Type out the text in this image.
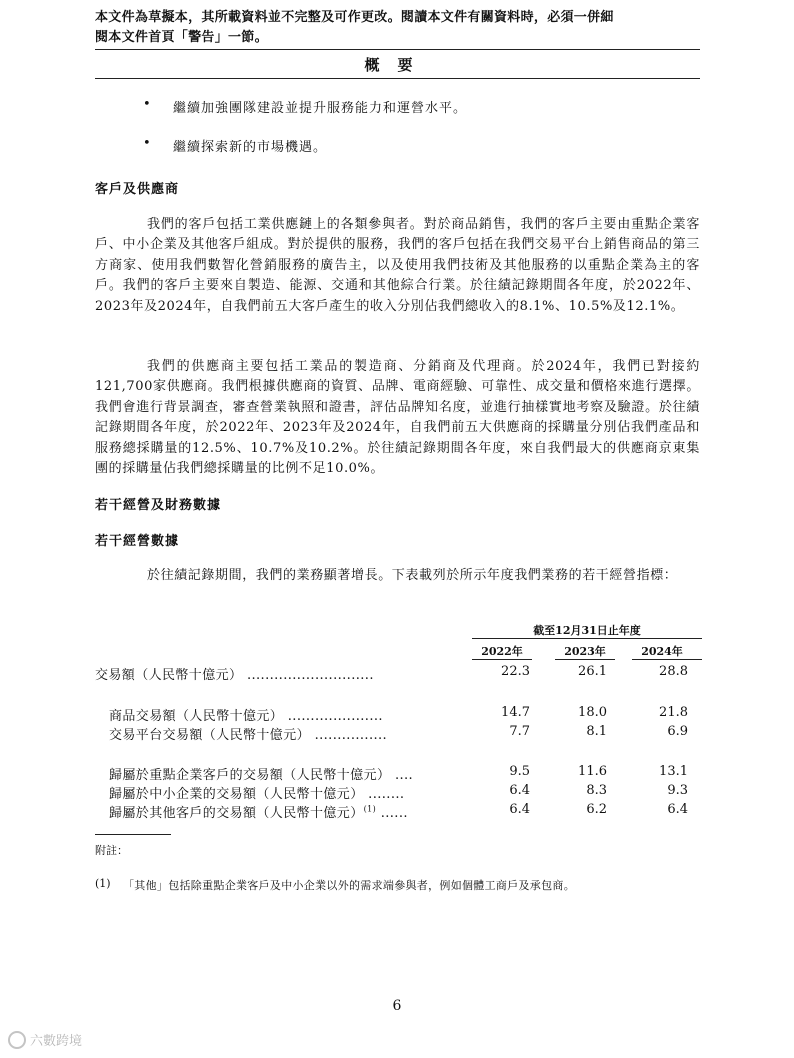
本文件為草擬本，其所載資料並不完整及可作更改。閱讀本文件有關資料時，必須一併細
閱本文件首頁「警告」一節。
概要
• 繼續加強團隊建設並提升服務能力和運營水平。
• 繼續探索新的市場機遇。
客戶及供應商
我們的客戶包括工業供應鏈上的各類參與者。對於商品銷售，我們的客戶主要由重點企業客戶、中小企業及其他客戶組成。對於提供的服務，我們的客戶包括在我們交易平台上銷售商品的第三方商家、使用我們數智化營銷服務的廣告主，以及使用我們技術及其他服務的以重點企業為主的客戶。我們的客戶主要來自製造、能源、交通和其他綜合行業。於往績記錄期間各年度，於2022年、2023年及2024年，自我們前五大客戶產生的收入分別佔我們總收入的8.1%、10.5%及12.1%。
我們的供應商主要包括工業品的製造商、分銷商及代理商。於2024年，我們已對接約121,700家供應商。我們根據供應商的資質、品牌、電商經驗、可靠性、成交量和價格來進行選擇。我們會進行背景調查，審查營業執照和證書，評估品牌知名度，並進行抽樣實地考察及驗證。於往績記錄期間各年度，於2022年、2023年及2024年，自我們前五大供應商的採購量分別佔我們產品和服務總採購量的12.5%、10.7%及10.2%。於往績記錄期間各年度，來自我們最大的供應商京東集團的採購量佔我們總採購量的比例不足10.0%。
若干經營及財務數據
若干經營數據
於往績記錄期間，我們的業務顯著增長。下表載列於所示年度我們業務的若干經營指標：
截至12月31日止年度
2022年	2023年	2024年
交易額（人民幣十億元） ............................	22.3	26.1	28.8
商品交易額（人民幣十億元） .....................	14.7	18.0	21.8
交易平台交易額（人民幣十億元） ................	7.7	8.1	6.9
歸屬於重點企業客戶的交易額（人民幣十億元） ....	9.5	11.6	13.1
歸屬於中小企業的交易額（人民幣十億元） ........	6.4	8.3	9.3
歸屬於其他客戶的交易額（人民幣十億元）$^{(1)}$ ......	6.4	6.2	6.4
附註：
(1) 「其他」包括除重點企業客戶及中小企業以外的需求端參與者，例如個體工商戶及承包商。
6
六數跨境
